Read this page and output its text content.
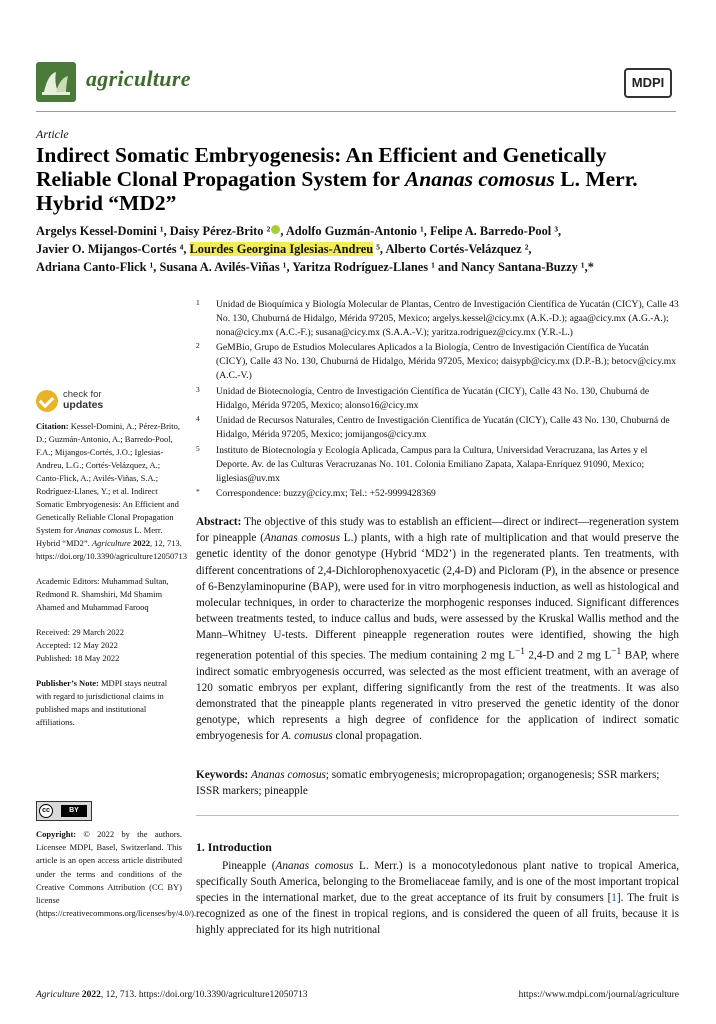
agriculture	MDPI
Article
Indirect Somatic Embryogenesis: An Efficient and Genetically Reliable Clonal Propagation System for Ananas comosus L. Merr. Hybrid “MD2”
Argelys Kessel-Domini ¹, Daisy Pérez-Brito ² , Adolfo Guzmán-Antonio ¹, Felipe A. Barredo-Pool ³,
Javier O. Mijangos-Cortés ⁴, Lourdes Georgina Iglesias-Andreu ⁵, Alberto Cortés-Velázquez ²,
Adriana Canto-Flick ¹, Susana A. Avilés-Viñas ¹, Yaritza Rodríguez-Llanes ¹ and Nancy Santana-Buzzy ¹,*
1 Unidad de Bioquímica y Biología Molecular de Plantas, Centro de Investigación Científica de Yucatán (CICY), Calle 43 No. 130, Chuburná de Hidalgo, Mérida 97205, Mexico; argelys.kessel@cicy.mx (A.K.-D.); agaa@cicy.mx (A.G.-A.); nona@cicy.mx (A.C.-F.); susana@cicy.mx (S.A.A.-V.); yaritza.rodriguez@cicy.mx (Y.R.-L.)
2 GeMBio, Grupo de Estudios Moleculares Aplicados a la Biología, Centro de Investigación Científica de Yucatán (CICY), Calle 43 No. 130, Chuburná de Hidalgo, Mérida 97205, Mexico; daisypb@cicy.mx (D.P.-B.); betocv@cicy.mx (A.C.-V.)
3 Unidad de Biotecnología, Centro de Investigación Científica de Yucatán (CICY), Calle 43 No. 130, Chuburná de Hidalgo, Mérida 97205, Mexico; alonso16@cicy.mx
4 Unidad de Recursos Naturales, Centro de Investigación Científica de Yucatán (CICY), Calle 43 No. 130, Chuburná de Hidalgo, Mérida 97205, Mexico; jomijangos@cicy.mx
5 Instituto de Biotecnología y Ecología Aplicada, Campus para la Cultura, Universidad Veracruzana, las Artes y el Deporte. Av. de las Culturas Veracruzanas No. 101. Colonia Emiliano Zapata, Xalapa-Enríquez 91090, Mexico; liglesias@uv.mx
* Correspondence: buzzy@cicy.mx; Tel.: +52-9999428369
check for
updates

Citation: Kessel-Domini, A.; Pérez-Brito, D.; Guzmán-Antonio, A.; Barredo-Pool, F.A.; Mijangos-Cortés, J.O.; Iglesias-Andreu, L.G.; Cortés-Velázquez, A.; Canto-Flick, A.; Avilés-Viñas, S.A.; Rodríguez-Llanes, Y.; et al. Indirect Somatic Embryogenesis: An Efficient and Genetically Reliable Clonal Propagation System for Ananas comosus L. Merr. Hybrid “MD2”. Agriculture 2022, 12, 713. https://doi.org/10.3390/agriculture12050713

Academic Editors: Muhammad Sultan, Redmond R. Shamshiri, Md Shamim Ahamed and Muhammad Farooq

Received: 29 March 2022
Accepted: 12 May 2022
Published: 18 May 2022

Publisher’s Note: MDPI stays neutral with regard to jurisdictional claims in published maps and institutional affiliations.

cc	BY
Copyright: © 2022 by the authors. Licensee MDPI, Basel, Switzerland. This article is an open access article distributed under the terms and conditions of the Creative Commons Attribution (CC BY) license (https://creativecommons.org/licenses/by/4.0/).
Abstract: The objective of this study was to establish an efficient—direct or indirect—regeneration system for pineapple (Ananas comosus L.) plants, with a high rate of multiplication and that would preserve the genetic identity of the donor genotype (Hybrid ‘MD2’) in the regenerated plants. Ten treatments, with different concentrations of 2,4-Dichlorophenoxyacetic (2,4-D) and Picloram (P), in the absence or presence of 6-Benzylaminopurine (BAP), were used for in vitro morphogenesis induction, as well as histological and molecular techniques, in order to characterize the morphogenic responses induced. Significant differences between treatments tested, to induce callus and buds, were assessed by the Kruskal Wallis method and the Mann–Whitney U-tests. Different pineapple regeneration routes were identified, showing the high regeneration potential of this species. The medium containing 2 mg $L^{-1}$ 2,4-D and 2 mg $L^{-1}$ BAP, where indirect somatic embryogenesis occurred, was selected as the most efficient treatment, with an average of 120 somatic embryos per explant, differing significantly from the rest of the treatments. It was also demonstrated that the pineapple plants regenerated in vitro preserved the genetic identity of the donor genotype, which represents a high degree of confidence for the application of indirect somatic embryogenesis for A. comusus clonal propagation.
Keywords: Ananas comosus; somatic embryogenesis; micropropagation; organogenesis; SSR markers; ISSR markers; pineapple
1. Introduction
Pineapple (Ananas comosus L. Merr.) is a monocotyledonous plant native to tropical America, specifically South America, belonging to the Bromeliaceae family, and is one of the most important tropical species in the international market, due to the great acceptance of its fruit by consumers [1]. The fruit is recognized as one of the finest in tropical regions, and is considered the queen of all fruits, because it is highly appreciated for its high nutritional
Agriculture 2022, 12, 713. https://doi.org/10.3390/agriculture12050713	https://www.mdpi.com/journal/agriculture
